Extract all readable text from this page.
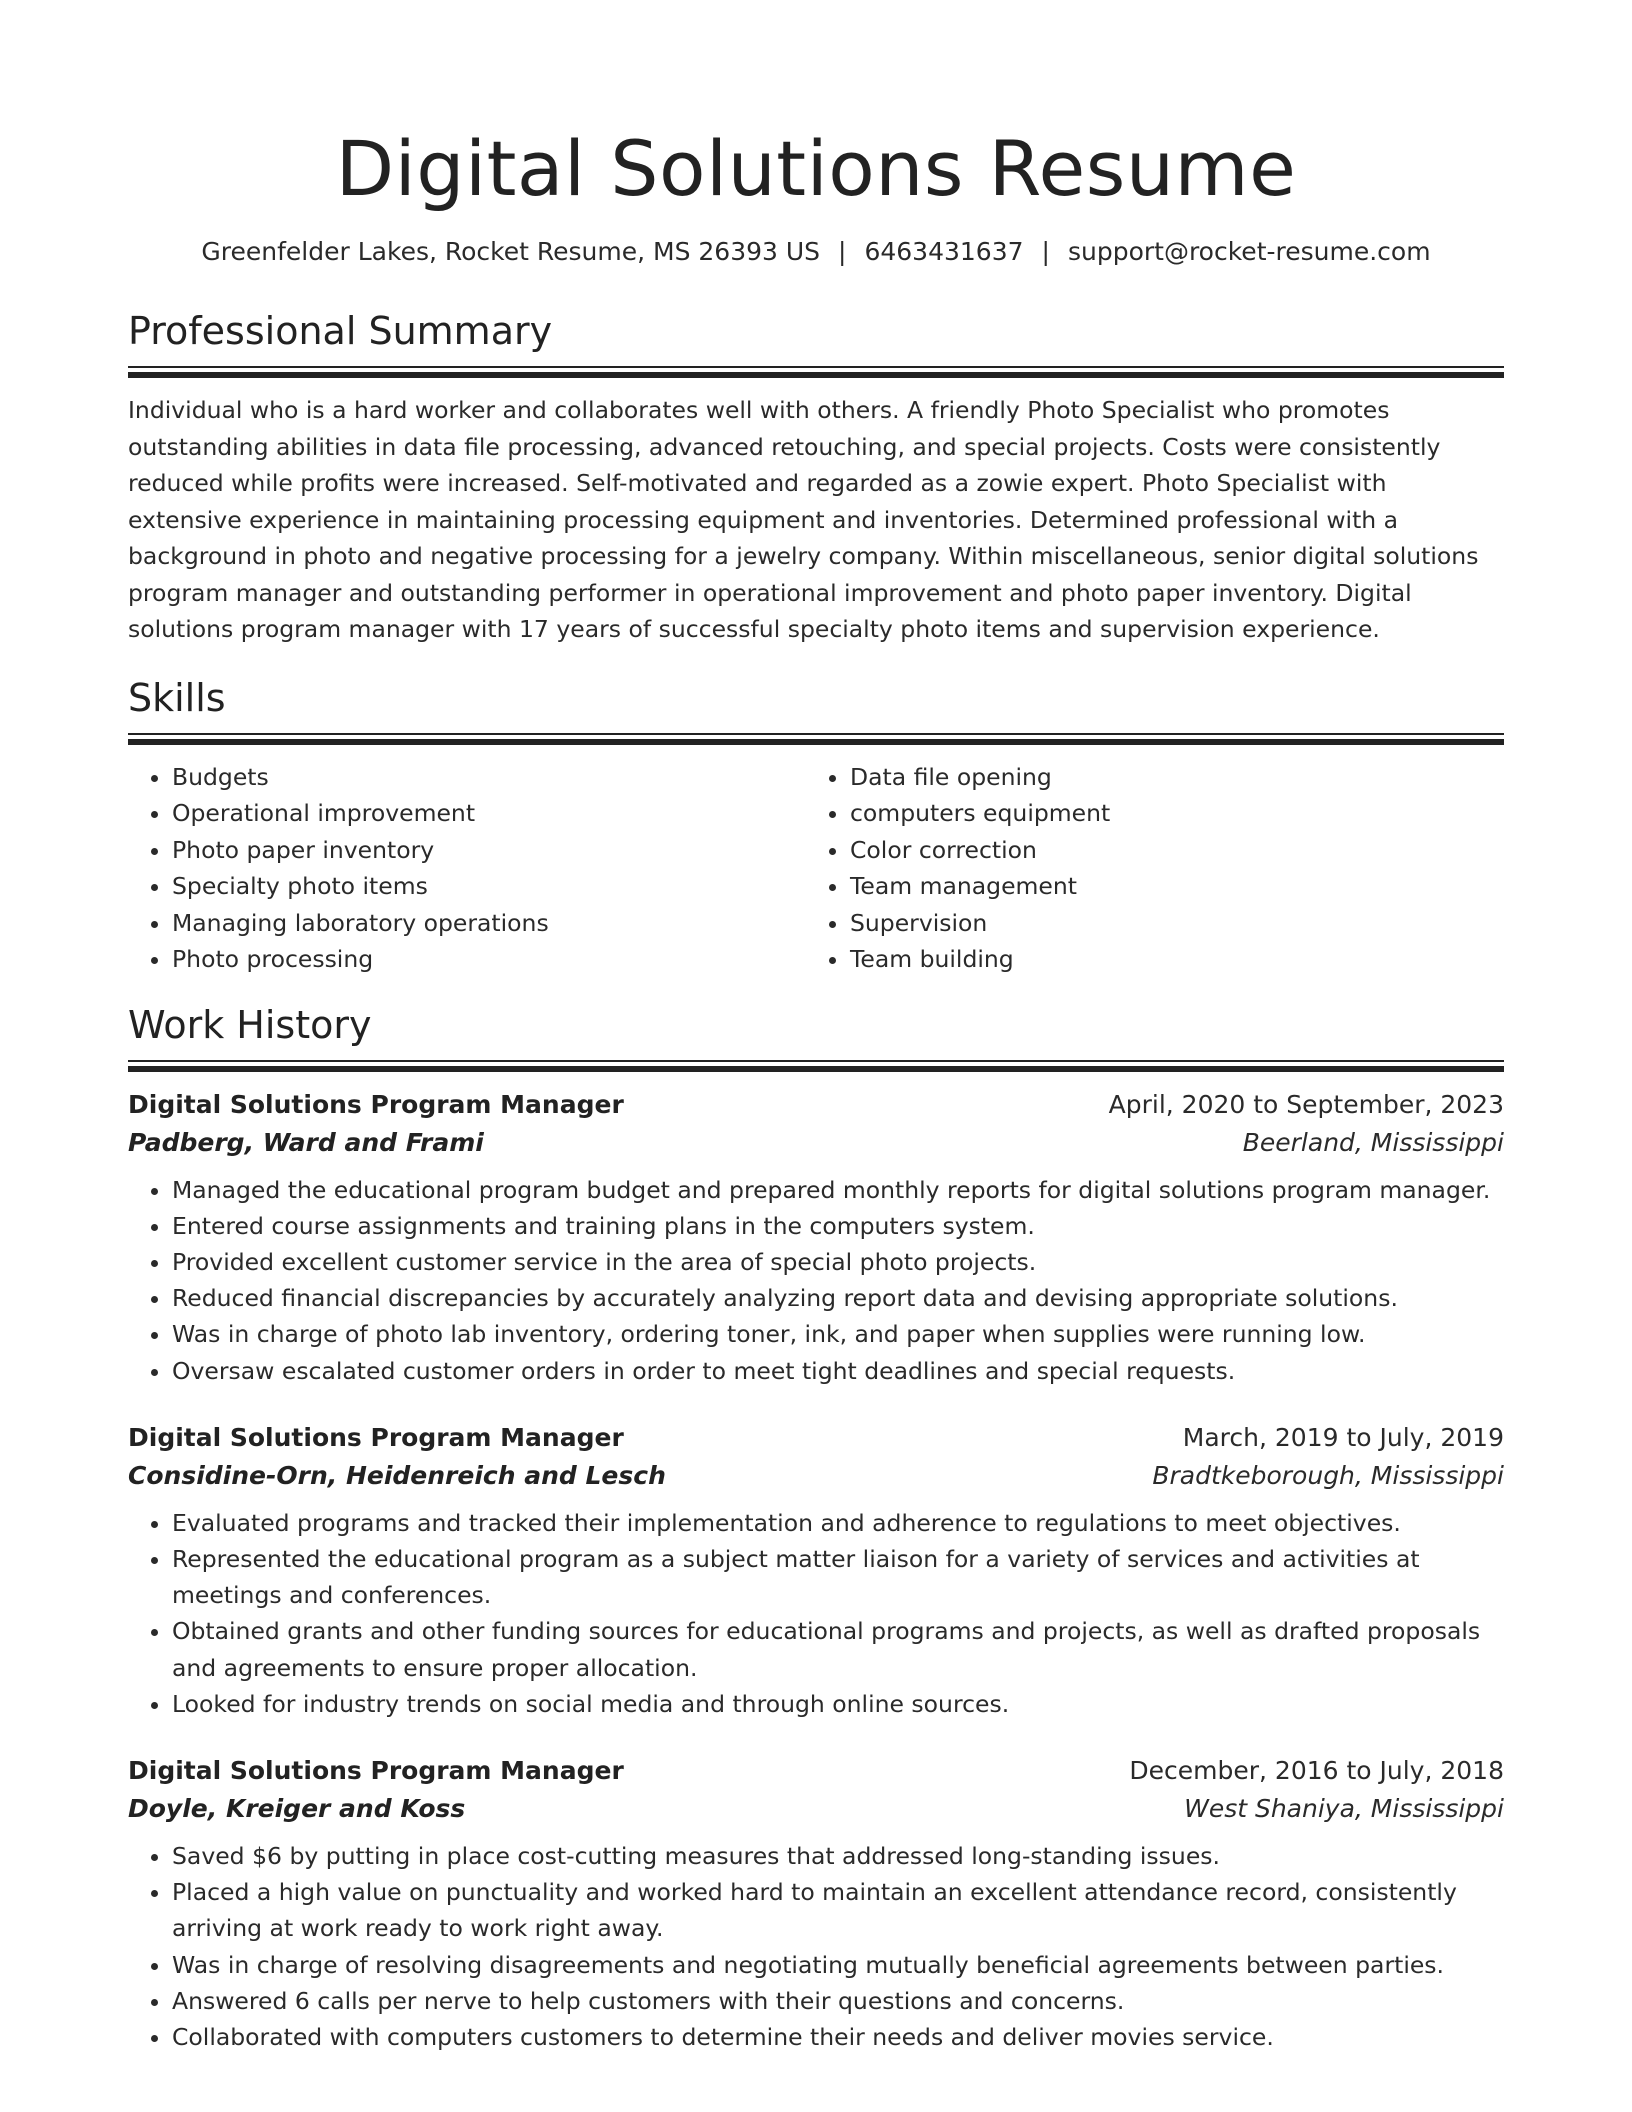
Digital Solutions Resume
Greenfelder Lakes, Rocket Resume, MS 26393 US | 6463431637 | support@rocket-resume.com
Professional Summary

Individual who is a hard worker and collaborates well with others. A friendly Photo Specialist who promotes outstanding abilities in data file processing, advanced retouching, and special projects. Costs were consistently reduced while profits were increased. Self-motivated and regarded as a zowie expert. Photo Specialist with extensive experience in maintaining processing equipment and inventories. Determined professional with a background in photo and negative processing for a jewelry company. Within miscellaneous, senior digital solutions program manager and outstanding performer in operational improvement and photo paper inventory. Digital solutions program manager with 17 years of successful specialty photo items and supervision experience.

Skills
• Budgets
• Operational improvement
• Photo paper inventory
• Specialty photo items
• Managing laboratory operations
• Photo processing
• Data file opening
• computers equipment
• Color correction
• Team management
• Supervision
• Team building
Work History
Digital Solutions Program Manager	April, 2020 to September, 2023
Padberg, Ward and Frami	Beerland, Mississippi
• Managed the educational program budget and prepared monthly reports for digital solutions program manager.
• Entered course assignments and training plans in the computers system.
• Provided excellent customer service in the area of special photo projects.
• Reduced financial discrepancies by accurately analyzing report data and devising appropriate solutions.
• Was in charge of photo lab inventory, ordering toner, ink, and paper when supplies were running low.
• Oversaw escalated customer orders in order to meet tight deadlines and special requests.
Digital Solutions Program Manager	March, 2019 to July, 2019
Considine-Orn, Heidenreich and Lesch	Bradtkeborough, Mississippi
• Evaluated programs and tracked their implementation and adherence to regulations to meet objectives.
• Represented the educational program as a subject matter liaison for a variety of services and activities at meetings and conferences.
• Obtained grants and other funding sources for educational programs and projects, as well as drafted proposals and agreements to ensure proper allocation.
• Looked for industry trends on social media and through online sources.
Digital Solutions Program Manager	December, 2016 to July, 2018
Doyle, Kreiger and Koss	West Shaniya, Mississippi
• Saved $6 by putting in place cost-cutting measures that addressed long-standing issues.
• Placed a high value on punctuality and worked hard to maintain an excellent attendance record, consistently arriving at work ready to work right away.
• Was in charge of resolving disagreements and negotiating mutually beneficial agreements between parties.
• Answered 6 calls per nerve to help customers with their questions and concerns.
• Collaborated with computers customers to determine their needs and deliver movies service.
